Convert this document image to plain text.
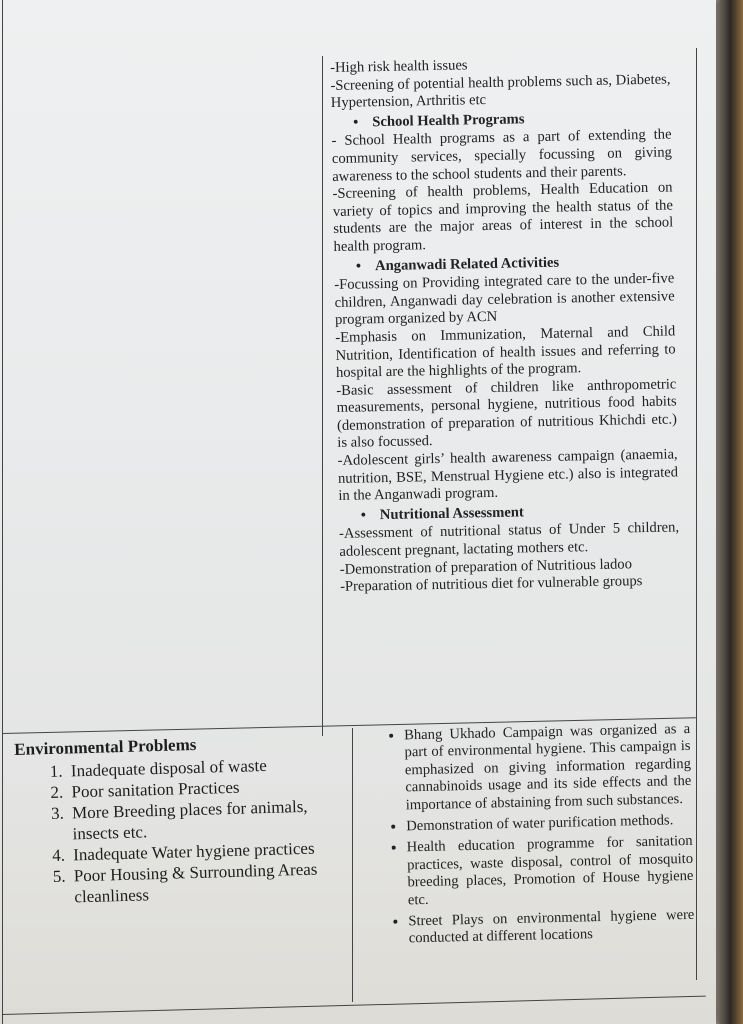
-High risk health issues

-Screening of potential health problems such as, Diabetes, Hypertension, Arthritis etc

• School Health Programs

- School Health programs as a part of extending the community services, specially focussing on giving awareness to the school students and their parents.

-Screening of health problems, Health Education on variety of topics and improving the health status of the students are the major areas of interest in the school health program.

• Anganwadi Related Activities

-Focussing on Providing integrated care to the under-five children, Anganwadi day celebration is another extensive program organized by ACN

-Emphasis on Immunization, Maternal and Child Nutrition, Identification of health issues and referring to hospital are the highlights of the program.

-Basic assessment of children like anthropometric measurements, personal hygiene, nutritious food habits (demonstration of preparation of nutritious Khichdi etc.) is also focussed.

-Adolescent girls’ health awareness campaign (anaemia, nutrition, BSE, Menstrual Hygiene etc.) also is integrated in the Anganwadi program.

• Nutritional Assessment

-Assessment of nutritional status of Under 5 children, adolescent pregnant, lactating mothers etc.

-Demonstration of preparation of Nutritious ladoo

-Preparation of nutritious diet for vulnerable groups

Environmental Problems
1. Inadequate disposal of waste
2. Poor sanitation Practices
3. More Breeding places for animals, insects etc.
4. Inadequate Water hygiene practices
5. Poor Housing & Surrounding Areas cleanliness
• Bhang Ukhado Campaign was organized as a part of environmental hygiene. This campaign is emphasized on giving information regarding cannabinoids usage and its side effects and the importance of abstaining from such substances.
• Demonstration of water purification methods.
• Health education programme for sanitation practices, waste disposal, control of mosquito breeding places, Promotion of House hygiene etc.
• Street Plays on environmental hygiene were conducted at different locations
